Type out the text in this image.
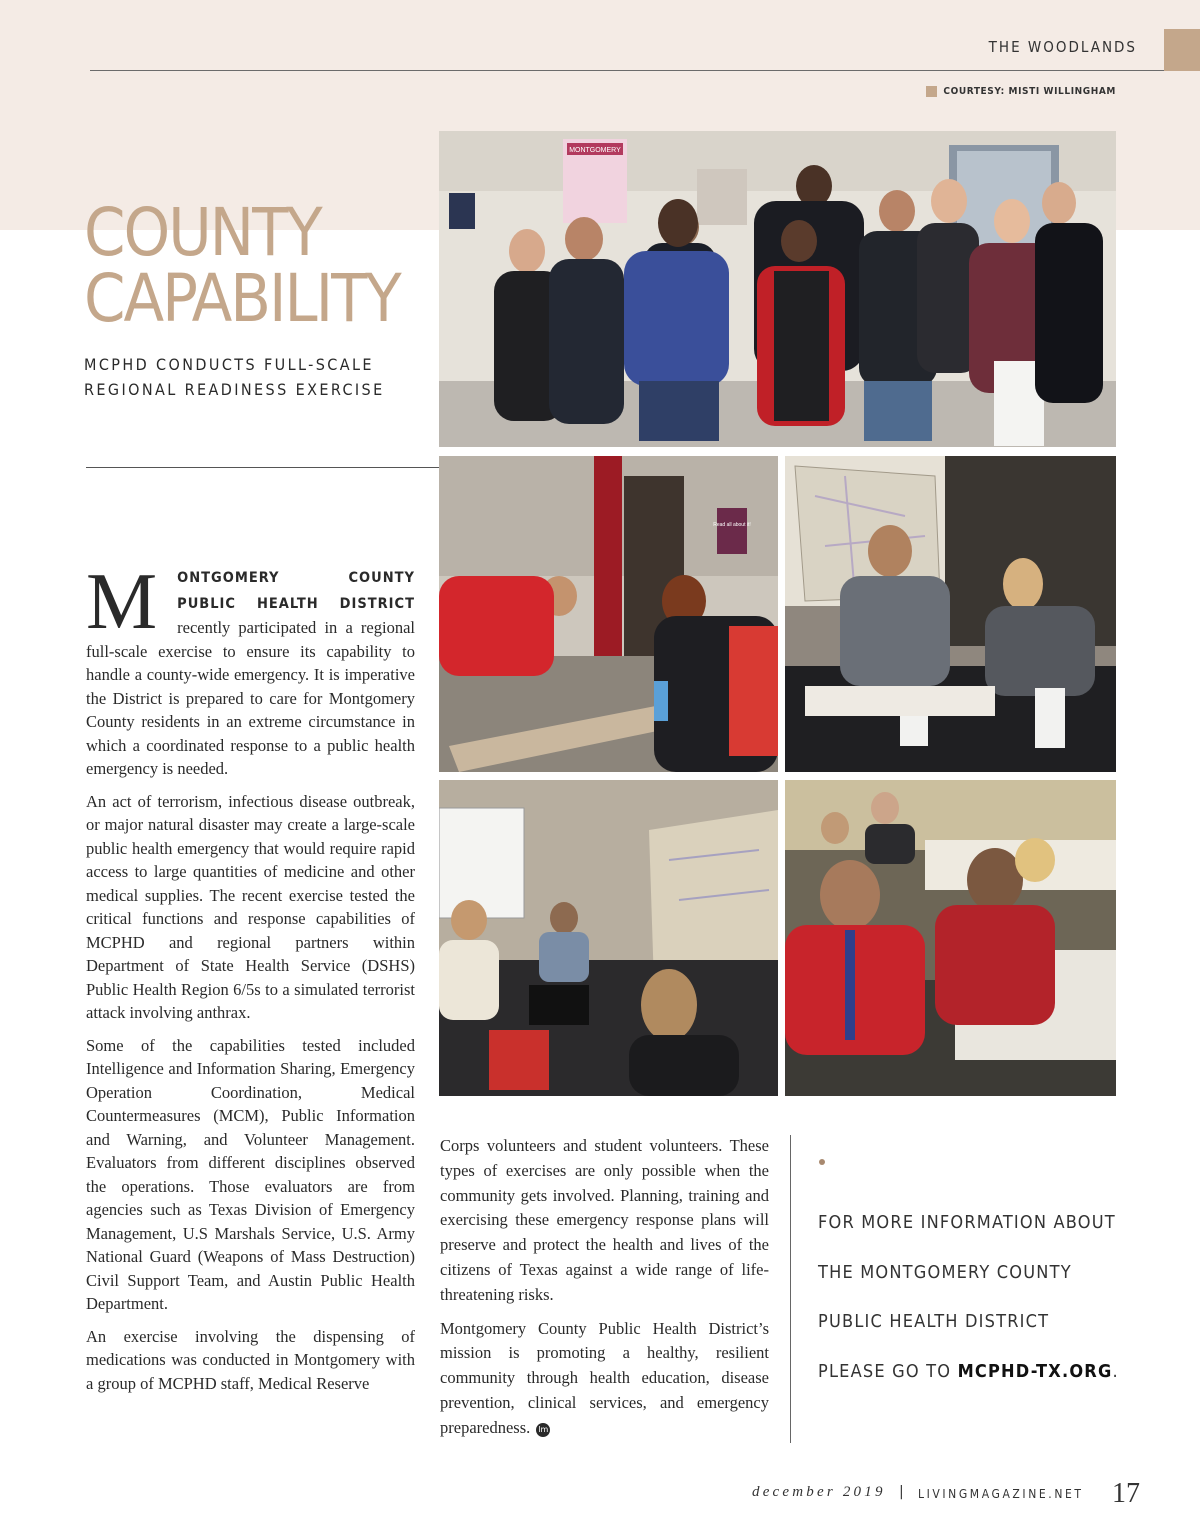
THE WOODLANDS
COURTESY: MISTI WILLINGHAM
COUNTY
CAPABILITY
MCPHD CONDUCTS FULL-SCALE
REGIONAL READINESS EXERCISE
MONTGOMERY
Read all about it!

M ONTGOMERY COUNTY PUBLIC HEALTH DISTRICT recently participated in a regional full-scale exercise to ensure its capability to handle a county-wide emergency. It is imperative the District is prepared to care for Montgomery County residents in an extreme circumstance in which a coordinated response to a public health emergency is needed.

An act of terrorism, infectious disease outbreak, or major natural disaster may create a large-scale public health emergency that would require rapid access to large quantities of medicine and other medical supplies. The recent exercise tested the critical functions and response capabilities of MCPHD and regional partners within Department of State Health Service (DSHS) Public Health Region 6/5s to a simulated terrorist attack involving anthrax.

Some of the capabilities tested included Intelligence and Information Sharing, Emergency Operation Coordination, Medical Countermeasures (MCM), Public Information and Warning, and Volunteer Management. Evaluators from different disciplines observed the operations. Those evaluators are from agencies such as Texas Division of Emergency Management, U.S Marshals Service, U.S. Army National Guard (Weapons of Mass Destruction) Civil Support Team, and Austin Public Health Department.

An exercise involving the dispensing of medications was conducted in Montgomery with a group of MCPHD staff, Medical Reserve

Corps volunteers and student volunteers. These types of exercises are only possible when the community gets involved. Planning, training and exercising these emergency response plans will preserve and protect the health and lives of the citizens of Texas against a wide range of life-threatening risks.

Montgomery County Public Health District’s mission is promoting a healthy, resilient community through health education, disease prevention, clinical services, and emergency preparedness. lm

FOR MORE INFORMATION ABOUT
THE MONTGOMERY COUNTY
PUBLIC HEALTH DISTRICT
PLEASE GO TO MCPHD-TX.ORG.
december 2019 | LIVINGMAGAZINE.NET 17
